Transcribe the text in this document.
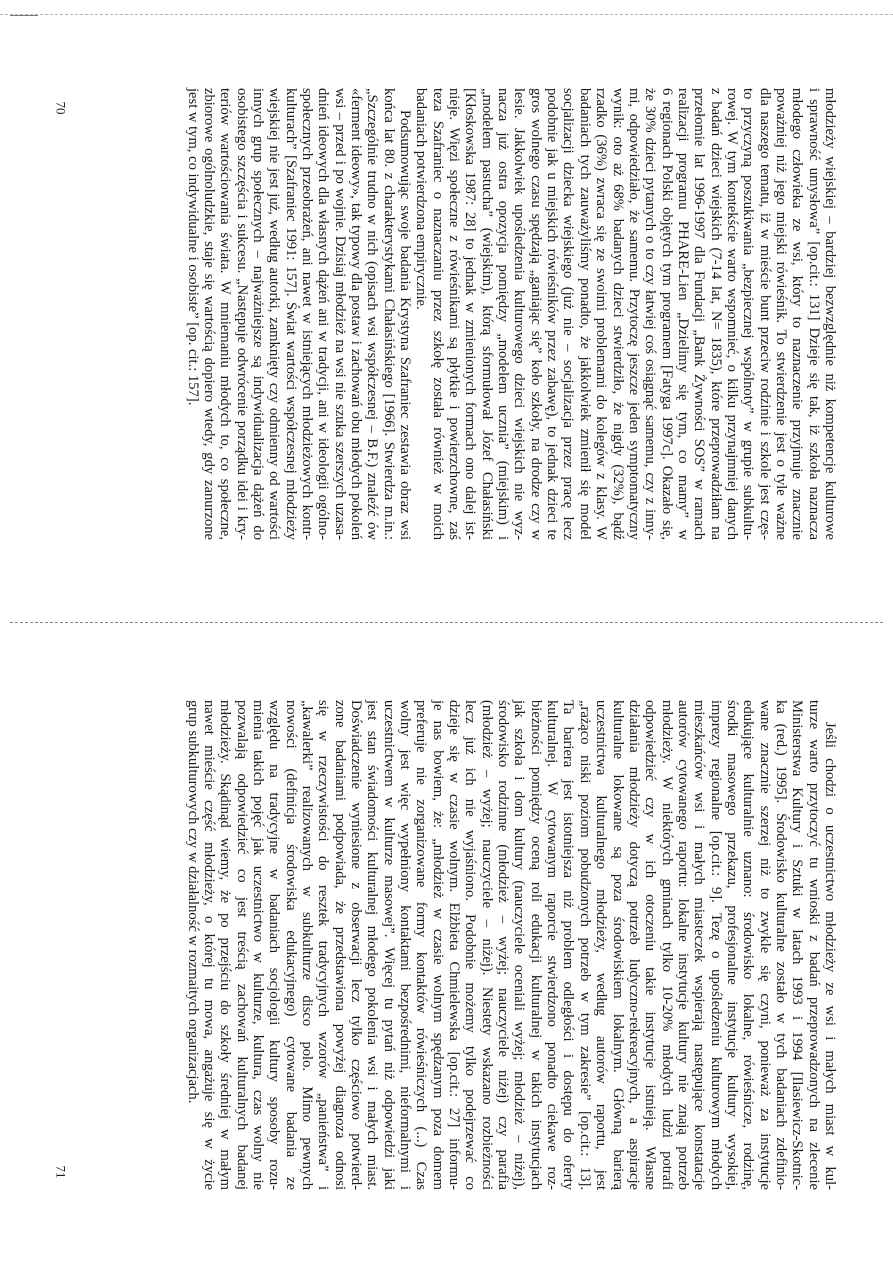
młodzieży wiejskiej – bardziej bezwzględnie niż kompetencje kulturowe
i sprawność umysłowa” [op.cit.: 131] Dzieje się tak, iż szkoła naznacza
młodego człowieka ze wsi, który to naznaczenie przyjmuje znacznie
poważniej niż jego miejski rówieśnik. To stwierdzenie jest o tyle ważne
dla naszego tematu, iż w mieście bunt przeciw rodzinie i szkole jest częs-
to przyczyną poszukiwania „bezpiecznej wspólnoty” w grupie subkultu-
rowej. W tym kontekście warto wspomnieć, o kilku przynajmniej danych
z badań dzieci wiejskich (7-14 lat, N= 1835), które przeprowadziłam na
przełomie lat 1996-1997 dla Fundacji „Bank Żywności SOS” w ramach
realizacji programu PHARE-Lien „Dzielimy się tym, co mamy” w
6 regionach Polski objętych tym programem [Fatyga 1997c]. Okazało się,
że 30% dzieci pytanych o to czy łatwiej coś osiągnąć samemu, czy z inny-
mi, odpowiedziało, że samemu. Przytoczę jeszcze jeden symptomatyczny
wynik: oto aż 68% badanych dzieci stwierdziło, że nigdy (32%), bądź
rzadko (36%) zwraca się ze swoimi problemami do kolegów z klasy. W
badaniach tych zauważyliśmy ponadto, że jakkolwiek zmienił się model
socjalizacji dziecka wiejskiego (już nie – socjalizacja przez pracę lecz
podobnie jak u miejskich rówieśników przez zabawę), to jednak dzieci te
gros wolnego czasu spędzają „ganiając się” koło szkoły, na drodze czy w
lesie. Jakkolwiek upośledzenia kulturowego dzieci wiejskich nie wyz-
nacza już ostra opozycja pomiędzy „modelem ucznia” (miejskim) i
„modelem pastucha” (wiejskim), którą sformułował Józef Chałasiński
[Kłoskowska 1987: 28] to jednak w zmienionych formach ono dalej ist-
nieje. Więzi społeczne z rówieśnikami są płytkie i powierzchowne, zaś
teza Szafraniec o naznaczaniu przez szkołę została również w moich
badaniach potwierdzona empirycznie.
Podsumowując swoje badania Krystyna Szafraniec zestawia obraz wsi
końca lat 80. z charakterystykami Chałasińskiego [1966]. Stwierdza m.in.:
„Szczególnie trudno w nich (opisach wsi współczesnej – B.F.) znaleźć ów
«ferment ideowy», tak typowy dla postaw i zachowań obu młodych pokoleń
wsi – przed i po wojnie. Dzisiaj młodzież na wsi nie szuka szerszych uzasa-
dnień ideowych dla własnych dążeń ani w tradycji, ani w ideologii ogólno-
społecznych przeobrażeń, ani nawet w istniejących młodzieżowych kontr-
kulturach” [Szafraniec 1991: 157]. Świat wartości współczesnej młodzieży
wiejskiej nie jest już, według autorki, zamknięty czy odmienny od wartości
innych grup społecznych – najważniejsze są indywidualizacja dążeń do
osobistego szczęścia i sukcesu. „Następuje odwrócenie porządku idei i kry-
teriów wartościowania świata. W mniemaniu młodych to, co społeczne,
zbiorowe ogólnoludzkie, staje się wartością dopiero wtedy, gdy zanurzone
jest w tym, co indywidualne i osobiste” [op. cit.: 157].
70
Jeśli chodzi o uczestnictwo młodzieży ze wsi i małych miast w kul-
turze warto przytoczyć tu wnioski z badań przeprowadzonych na zlecenie
Ministerstwa Kultury i Sztuki w latach 1993 i 1994 [Ilasiewicz-Skotnic-
ka (red.) 1995]. Środowisko kulturalne zostało w tych badaniach zdefinio-
wane znacznie szerzej niż to zwykle się czyni, ponieważ za instytucje
edukujące kulturalnie uznano: środowisko lokalne, rówieśnicze, rodzinę,
środki masowego przekazu, profesjonalne instytucje kultury wysokiej,
imprezy regionalne [op.cit.: 9]. Tezę o upośledzeniu kulturowym młodych
mieszkańców wsi i małych miasteczek wspierają następujące konstatacje
autorów cytowanego raportu: lokalne instytucje kultury nie znają potrzeb
młodzieży. W niektórych gminach tylko 10-20% młodych ludzi potrafi
odpowiedzieć czy w ich otoczeniu takie instytucje istnieją. Własne
działania młodzieży dotyczą potrzeb ludyczno-rekreacyjnych, a aspiracje
kulturalne lokowane są poza środowiskiem lokalnym. Główną barierą
uczestnictwa kulturalnego młodzieży, według autorów raportu, jest
„rażąco niski poziom pobudzonych potrzeb w tym zakresie” [op.cit.: 13].
Ta bariera jest istotniejsza niż problem odległości i dostępu do oferty
kulturalnej. W cytowanym raporcie stwierdzono ponadto ciekawe roz-
bieżności pomiędzy oceną roli edukacji kulturalnej w takich instytucjach
jak szkoła i dom kultury (nauczyciele oceniali wyżej; młodzież – niżej),
środowisko rodzinne (młodzież – wyżej; nauczyciele niżej) czy parafia
(młodzież – wyżej; nauczyciele – niżej). Niestety wskazano rozbieżności
lecz już ich nie wyjaśniono. Podobnie możemy tylko podejrzewać co
dzieje się w czasie wolnym. Elżbieta Chmielewska [op.cit.: 27] informu-
je nas bowiem, że: „młodzież w czasie wolnym spędzanym poza domem
preferuje nie zorganizowane formy kontaktów rówieśniczych (...) Czas
wolny jest więc wypełniony kontaktami bezpośrednimi, nieformalnymi i
uczestnictwem w kulturze masowej”. Więcej tu pytań niż odpowiedzi jaki
jest stan świadomości kulturalnej młodego pokolenia wsi i małych miast.
Doświadczenie wyniesione z obserwacji lecz tylko częściowo potwierd-
zone badaniami podpowiada, że przedstawiona powyżej diagnoza odnosi
się w rzeczywistości do resztek tradycyjnych wzorów „panieństwa” i
„kawalerki” realizowanych w subkulturze disco polo. Mimo pewnych
nowości (definicja środowiska edukacyjnego) cytowane badania ze
względu na tradycyjne w badaniach socjologii kultury sposoby rozu-
mienia takich pojęć jak uczestnictwo w kulturze, kultura, czas wolny nie
pozwalają odpowiedzieć co jest treścią zachowań kulturalnych badanej
młodzieży. Skądinąd wiemy, że po przejściu do szkoły średniej w małym
nawet mieście część młodzieży, o której tu mowa, angażuje się w życie
grup subkulturowych czy w działalność w rozmaitych organizacjach.
71
